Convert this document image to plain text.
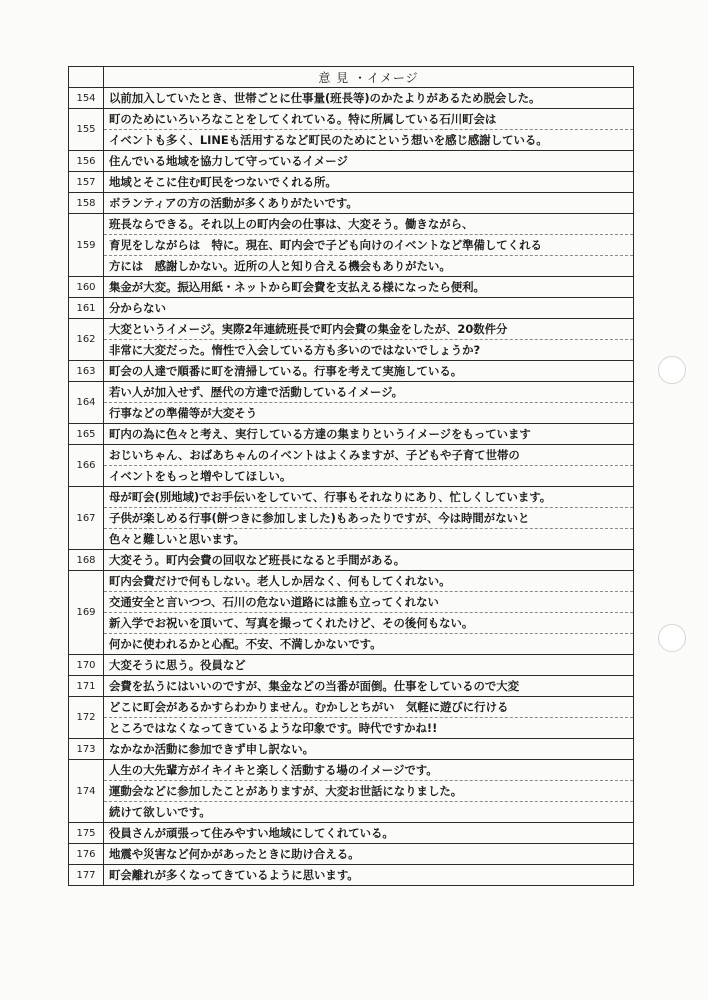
	意 見 ・イメージ
154	以前加入していたとき、世帯ごとに仕事量(班長等)のかたよりがあるため脱会した。

155	町のためにいろいろなことをしてくれている。特に所属している石川町会は
イベントも多く、LINEも活用するなど町民のためにという想いを感じ感謝している。

156	住んでいる地域を協力して守っているイメージ

157	地域とそこに住む町民をつないでくれる所。

158	ボランティアの方の活動が多くありがたいです。

159	班長ならできる。それ以上の町内会の仕事は、大変そう。働きながら、
育児をしながらは　特に。現在、町内会で子ども向けのイベントなど準備してくれる
方には　感謝しかない。近所の人と知り合える機会もありがたい。

160	集金が大変。振込用紙・ネットから町会費を支払える様になったら便利。

161	分からない

162	大変というイメージ。実際2年連続班長で町内会費の集金をしたが、20数件分
非常に大変だった。惰性で入会している方も多いのではないでしょうか?

163	町会の人達で順番に町を清掃している。行事を考えて実施している。

164	若い人が加入せず、歴代の方達で活動しているイメージ。
行事などの準備等が大変そう

165	町内の為に色々と考え、実行している方達の集まりというイメージをもっています

166	おじいちゃん、おばあちゃんのイベントはよくみますが、子どもや子育て世帯の
イベントをもっと増やしてほしい。

167	母が町会(別地域)でお手伝いをしていて、行事もそれなりにあり、忙しくしています。
子供が楽しめる行事(餅つきに参加しました)もあったりですが、今は時間がないと
色々と難しいと思います。

168	大変そう。町内会費の回収など班長になると手間がある。

169	町内会費だけで何もしない。老人しか居なく、何もしてくれない。
交通安全と言いつつ、石川の危ない道路には誰も立ってくれない
新入学でお祝いを頂いて、写真を撮ってくれたけど、その後何もない。
何かに使われるかと心配。不安、不満しかないです。

170	大変そうに思う。役員など

171	会費を払うにはいいのですが、集金などの当番が面倒。仕事をしているので大変

172	どこに町会があるかすらわかりません。むかしとちがい　気軽に遊びに行ける
ところではなくなってきているような印象です。時代ですかね!!

173	なかなか活動に参加できず申し訳ない。

174	人生の大先輩方がイキイキと楽しく活動する場のイメージです。
運動会などに参加したことがありますが、大変お世話になりました。
続けて欲しいです。

175	役員さんが頑張って住みやすい地域にしてくれている。

176	地震や災害など何かがあったときに助け合える。

177	町会離れが多くなってきているように思います。
